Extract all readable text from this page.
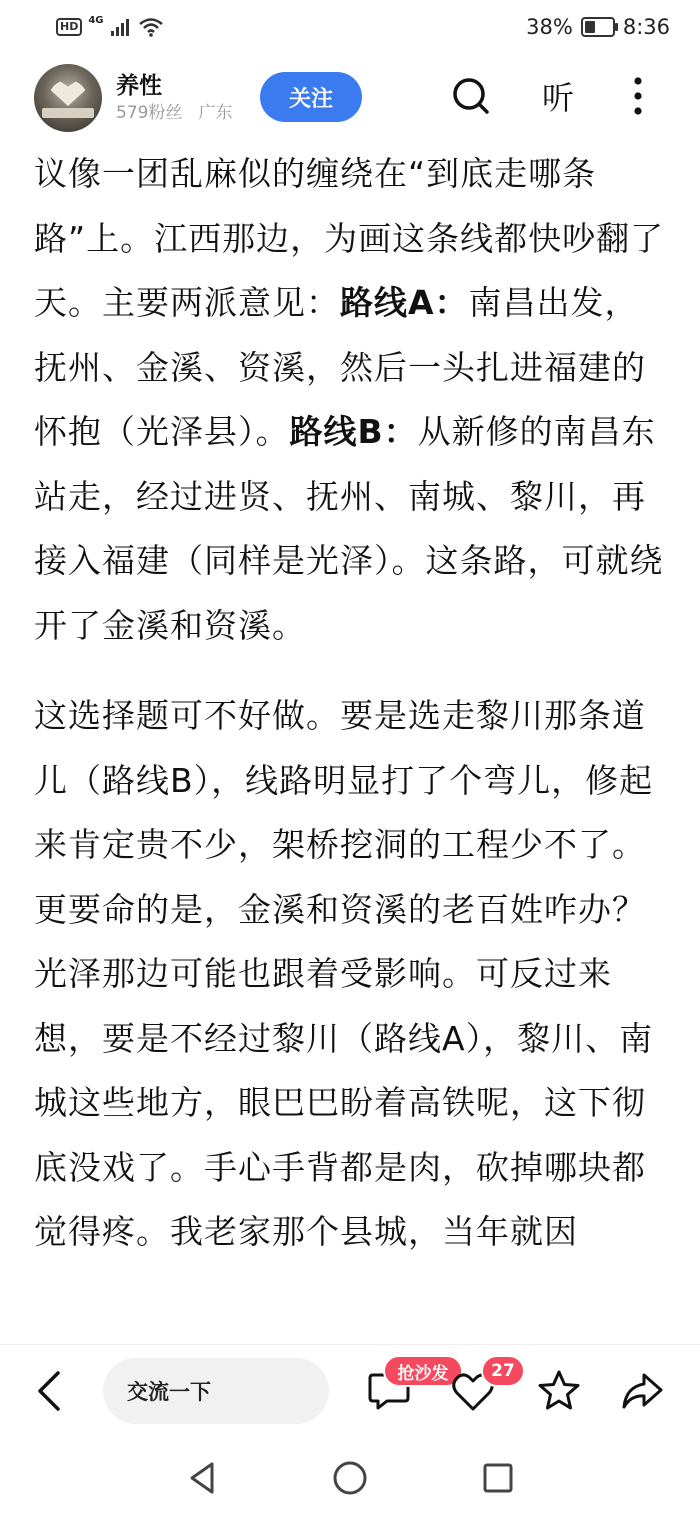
HD	4G	38% 8:36
养性
579粉丝 广东
关注	听

议像一团乱麻似的缠绕在“到底走哪条路”上。江西那边，为画这条线都快吵翻了天。主要两派意见：路线A：南昌出发，抚州、金溪、资溪，然后一头扎进福建的怀抱（光泽县）。路线B：从新修的南昌东站走，经过进贤、抚州、南城、黎川，再接入福建（同样是光泽）。这条路，可就绕开了金溪和资溪。

这选择题可不好做。要是选走黎川那条道儿（路线B），线路明显打了个弯儿，修起来肯定贵不少，架桥挖洞的工程少不了。更要命的是，金溪和资溪的老百姓咋办？光泽那边可能也跟着受影响。可反过来想，要是不经过黎川（路线A），黎川、南城这些地方，眼巴巴盼着高铁呢，这下彻底没戏了。手心手背都是肉，砍掉哪块都觉得疼。我老家那个县城，当年就因

交流一下
抢沙发	27
